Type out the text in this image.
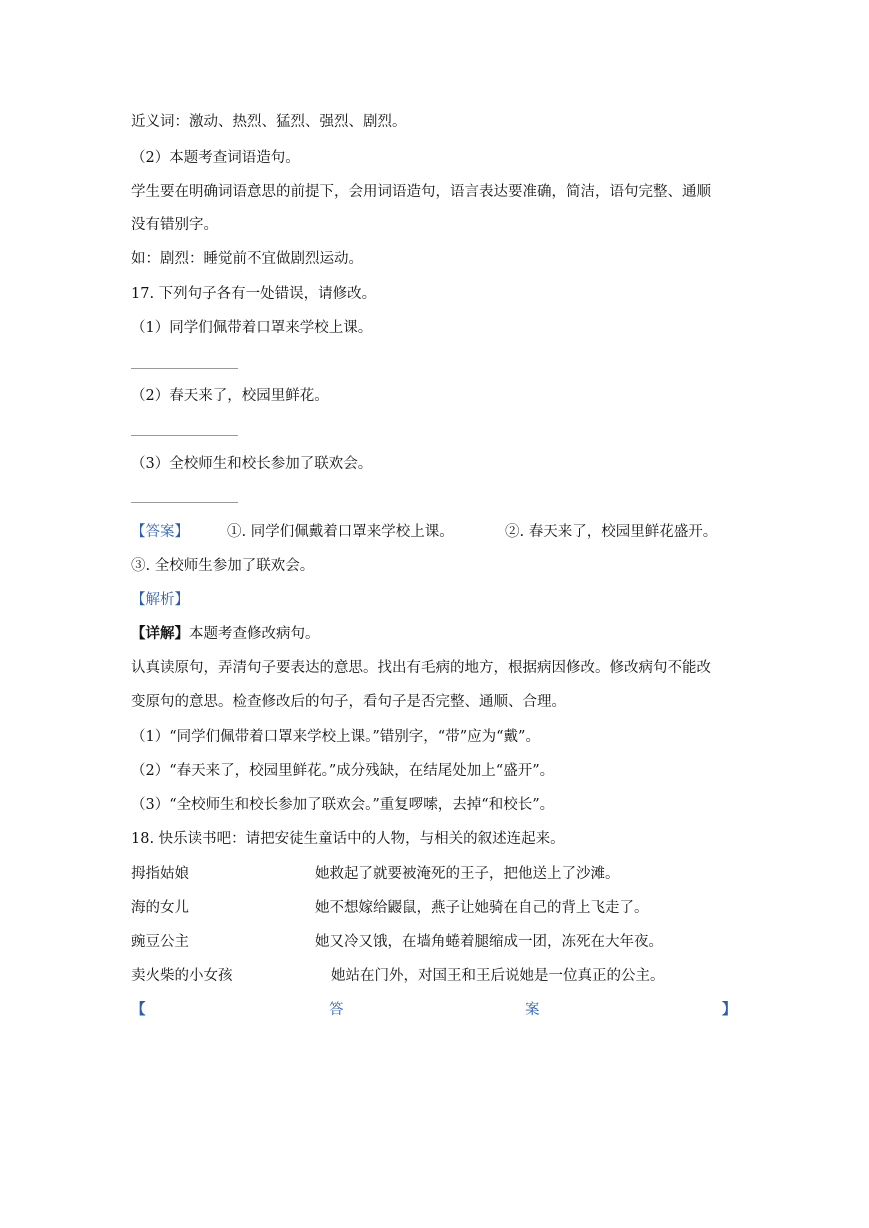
近义词：激动、热烈、猛烈、强烈、剧烈。
（2）本题考查词语造句。
学生要在明确词语意思的前提下，会用词语造句，语言表达要准确，简洁，语句完整、通顺
没有错别字。
如：剧烈：睡觉前不宜做剧烈运动。
17. 下列句子各有一处错误，请修改。
（1）同学们佩带着口罩来学校上课。
（2）春天来了，校园里鲜花。
（3）全校师生和校长参加了联欢会。
【答案】	①. 同学们佩戴着口罩来学校上课。	②. 春天来了，校园里鲜花盛开。
③. 全校师生参加了联欢会。
【解析】
【详解】本题考查修改病句。
认真读原句，弄清句子要表达的意思。找出有毛病的地方，根据病因修改。修改病句不能改
变原句的意思。检查修改后的句子，看句子是否完整、通顺、合理。
（1）“同学们佩带着口罩来学校上课。”错别字，“带”应为“戴”。
（2）“春天来了，校园里鲜花。”成分残缺，在结尾处加上“盛开”。
（3）“全校师生和校长参加了联欢会。”重复啰嗦，去掉“和校长”。
18. 快乐读书吧：请把安徒生童话中的人物，与相关的叙述连起来。
拇指姑娘	她救起了就要被淹死的王子，把他送上了沙滩。
海的女儿	她不想嫁给鼹鼠，燕子让她骑在自己的背上飞走了。
豌豆公主	她又冷又饿，在墙角蜷着腿缩成一团，冻死在大年夜。
卖火柴的小女孩	她站在门外，对国王和王后说她是一位真正的公主。
【	答	案	】
